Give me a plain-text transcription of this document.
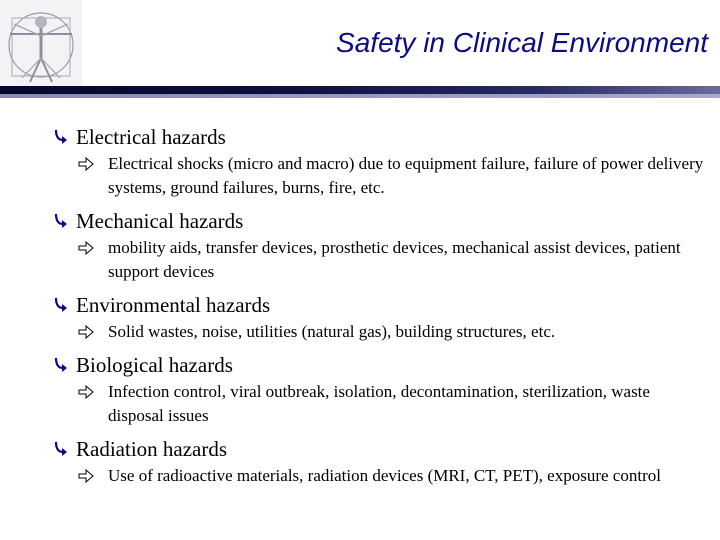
Safety in Clinical Environment
Electrical hazards
Electrical shocks (micro and macro) due to equipment failure, failure of power delivery systems, ground failures, burns, fire, etc.
Mechanical hazards
mobility aids, transfer devices, prosthetic devices, mechanical assist devices, patient support devices
Environmental hazards
Solid wastes, noise, utilities (natural gas), building structures, etc.
Biological hazards
Infection control, viral outbreak, isolation, decontamination, sterilization, waste disposal issues
Radiation hazards
Use of radioactive materials, radiation devices (MRI, CT, PET), exposure control
